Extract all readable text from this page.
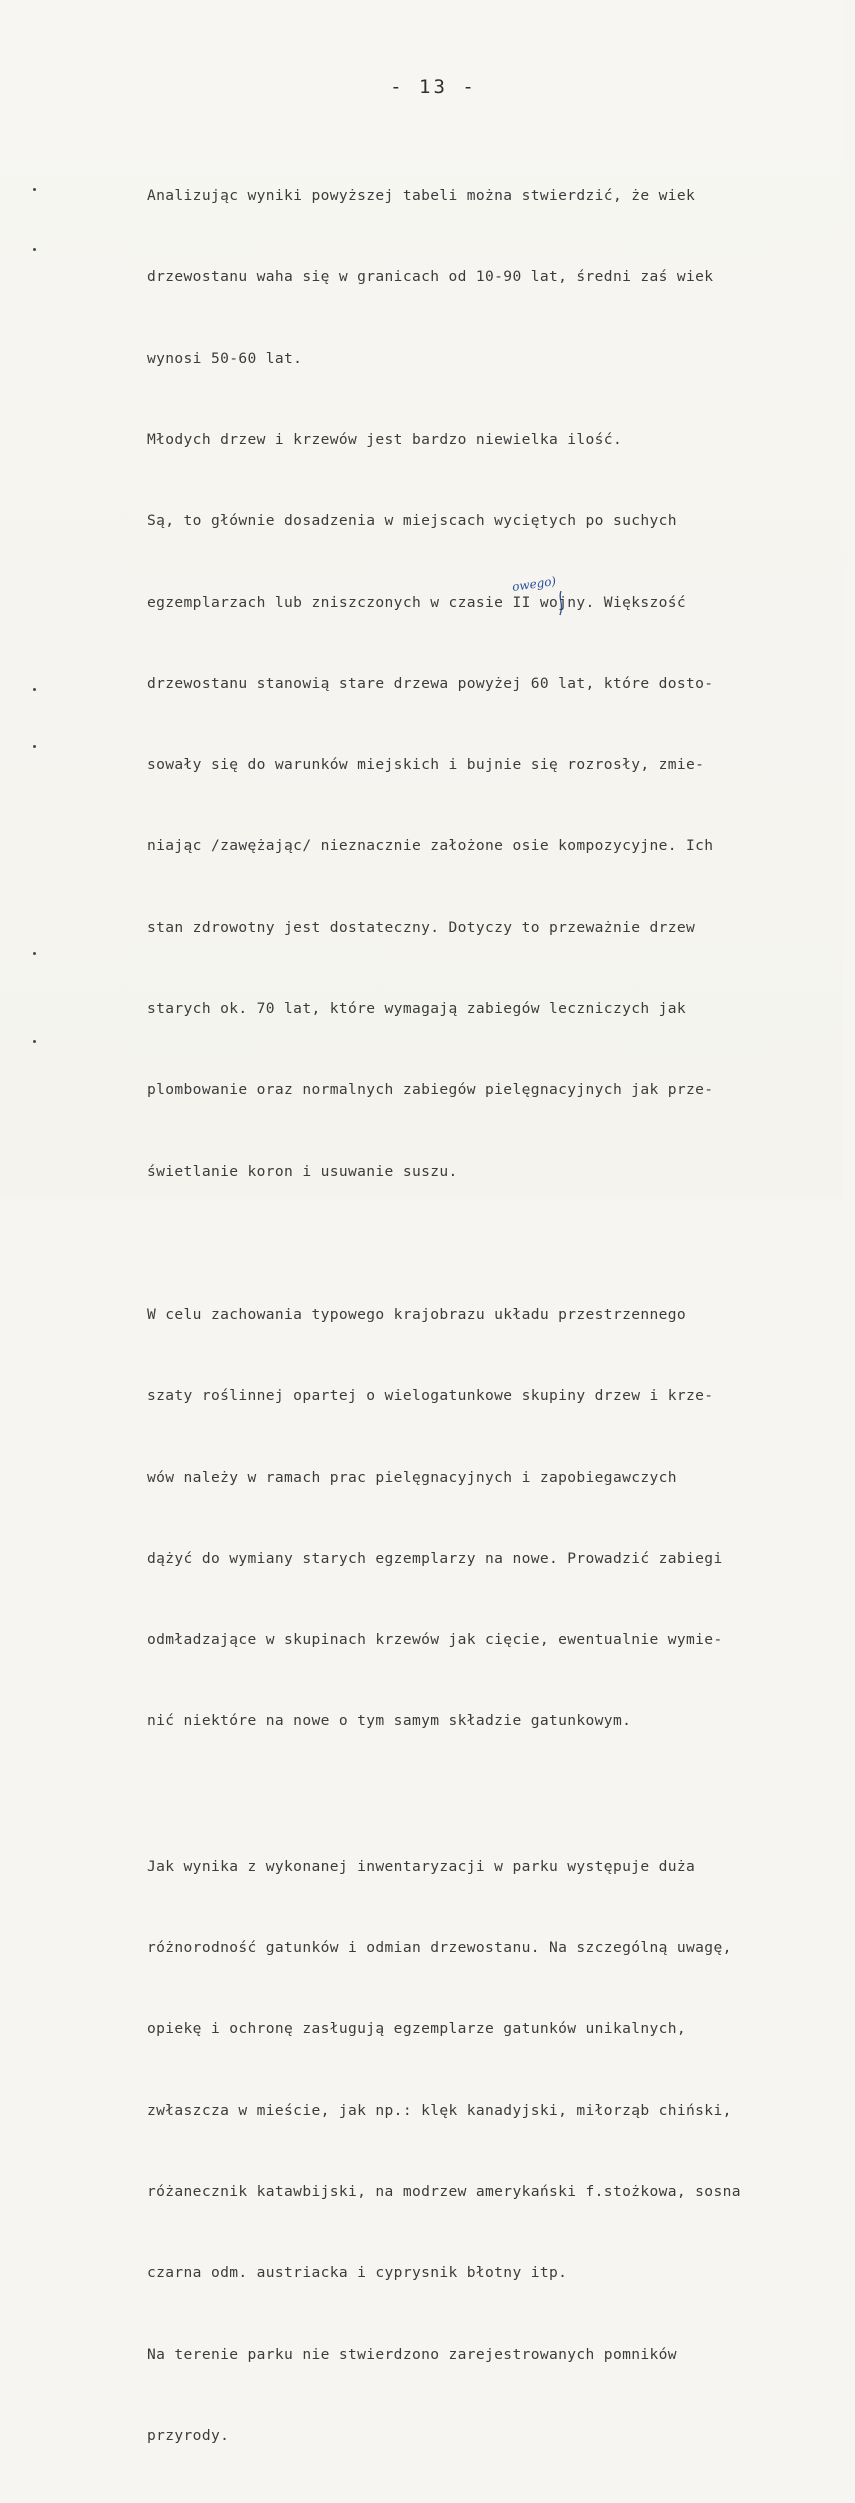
- 13 -
owego)

Analizując wyniki powyższej tabeli można stwierdzić, że wiek

drzewostanu waha się w granicach od 10-90 lat, średni zaś wiek

wynosi 50-60 lat.

Młodych drzew i krzewów jest bardzo niewielka ilość.

Są, to głównie dosadzenia w miejscach wyciętych po suchych

egzemplarzach lub zniszczonych w czasie II wojny. Większość

drzewostanu stanowią stare drzewa powyżej 60 lat, które dosto-

sowały się do warunków miejskich i bujnie się rozrosły, zmie-

niając /zawężając/ nieznacznie założone osie kompozycyjne. Ich

stan zdrowotny jest dostateczny. Dotyczy to przeważnie drzew

starych ok. 70 lat, które wymagają zabiegów leczniczych jak

plombowanie oraz normalnych zabiegów pielęgnacyjnych jak prze-

świetlanie koron i usuwanie suszu.

W celu zachowania typowego krajobrazu układu przestrzennego

szaty roślinnej opartej o wielogatunkowe skupiny drzew i krze-

wów należy w ramach prac pielęgnacyjnych i zapobiegawczych

dążyć do wymiany starych egzemplarzy na nowe. Prowadzić zabiegi

odmładzające w skupinach krzewów jak cięcie, ewentualnie wymie-

nić niektóre na nowe o tym samym składzie gatunkowym.

Jak wynika z wykonanej inwentaryzacji w parku występuje duża

różnorodność gatunków i odmian drzewostanu. Na szczególną uwagę,

opiekę i ochronę zasługują egzemplarze gatunków unikalnych,

zwłaszcza w mieście, jak np.: klęk kanadyjski, miłorząb chiński,

różanecznik katawbijski, na modrzew amerykański f.stożkowa, sosna

czarna odm. austriacka i cyprysnik błotny itp.

Na terenie parku nie stwierdzono zarejestrowanych pomników

przyrody.
